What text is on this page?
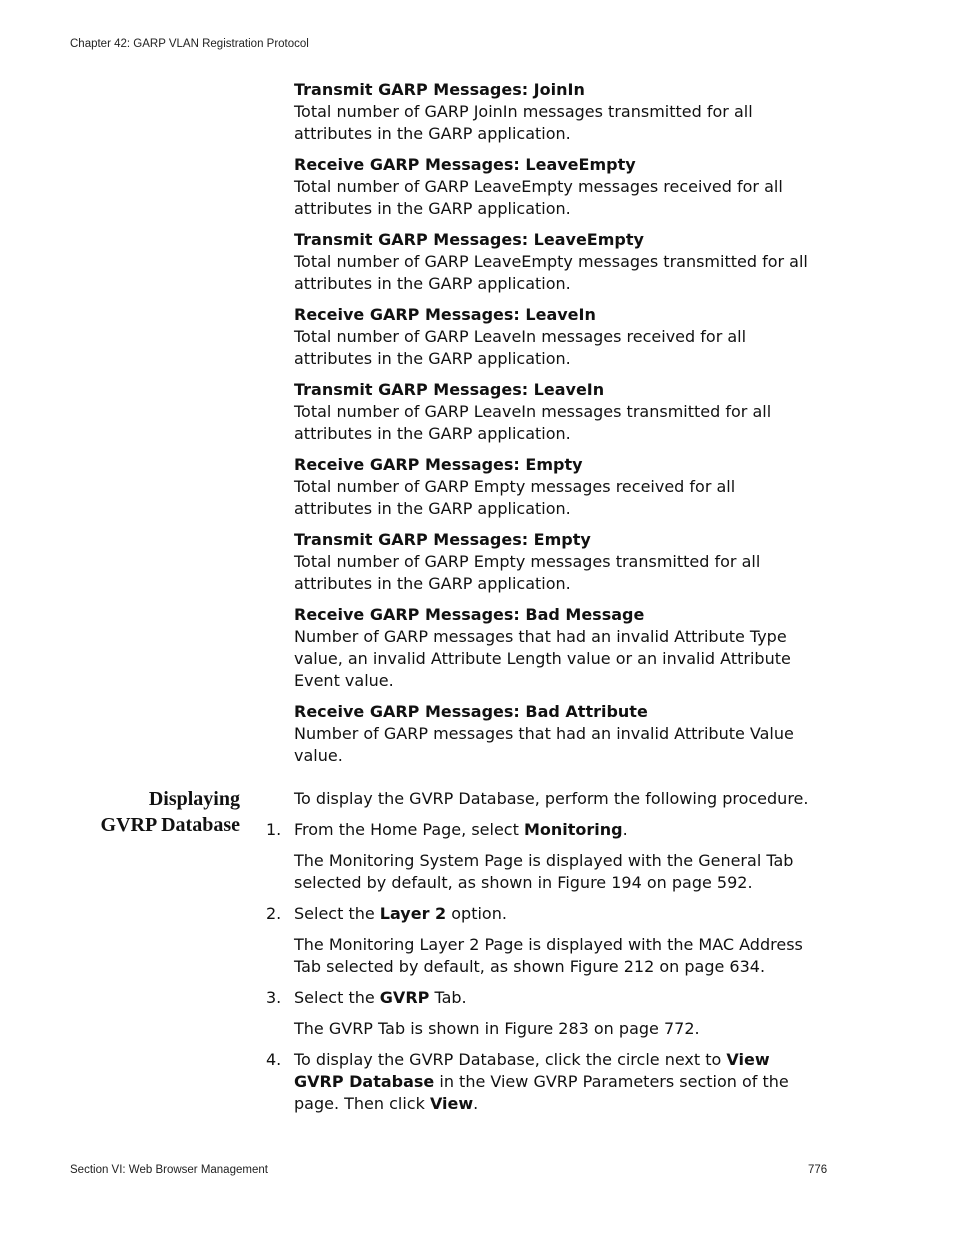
Chapter 42: GARP VLAN Registration Protocol
Transmit GARP Messages: JoinIn
Total number of GARP JoinIn messages transmitted for all attributes in the GARP application.
Receive GARP Messages: LeaveEmpty
Total number of GARP LeaveEmpty messages received for all attributes in the GARP application.
Transmit GARP Messages: LeaveEmpty
Total number of GARP LeaveEmpty messages transmitted for all attributes in the GARP application.
Receive GARP Messages: LeaveIn
Total number of GARP LeaveIn messages received for all attributes in the GARP application.
Transmit GARP Messages: LeaveIn
Total number of GARP LeaveIn messages transmitted for all attributes in the GARP application.
Receive GARP Messages: Empty
Total number of GARP Empty messages received for all attributes in the GARP application.
Transmit GARP Messages: Empty
Total number of GARP Empty messages transmitted for all attributes in the GARP application.
Receive GARP Messages: Bad Message
Number of GARP messages that had an invalid Attribute Type value, an invalid Attribute Length value or an invalid Attribute Event value.
Receive GARP Messages: Bad Attribute
Number of GARP messages that had an invalid Attribute Value value.
Displaying
GVRP Database

To display the GVRP Database, perform the following procedure.

1. From the Home Page, select Monitoring.

The Monitoring System Page is displayed with the General Tab selected by default, as shown in Figure 194 on page 592.

2. Select the Layer 2 option.

The Monitoring Layer 2 Page is displayed with the MAC Address Tab selected by default, as shown Figure 212 on page 634.

3. Select the GVRP Tab.

The GVRP Tab is shown in Figure 283 on page 772.

4. To display the GVRP Database, click the circle next to View GVRP Database in the View GVRP Parameters section of the page. Then click View.
Section VI: Web Browser Management	776
